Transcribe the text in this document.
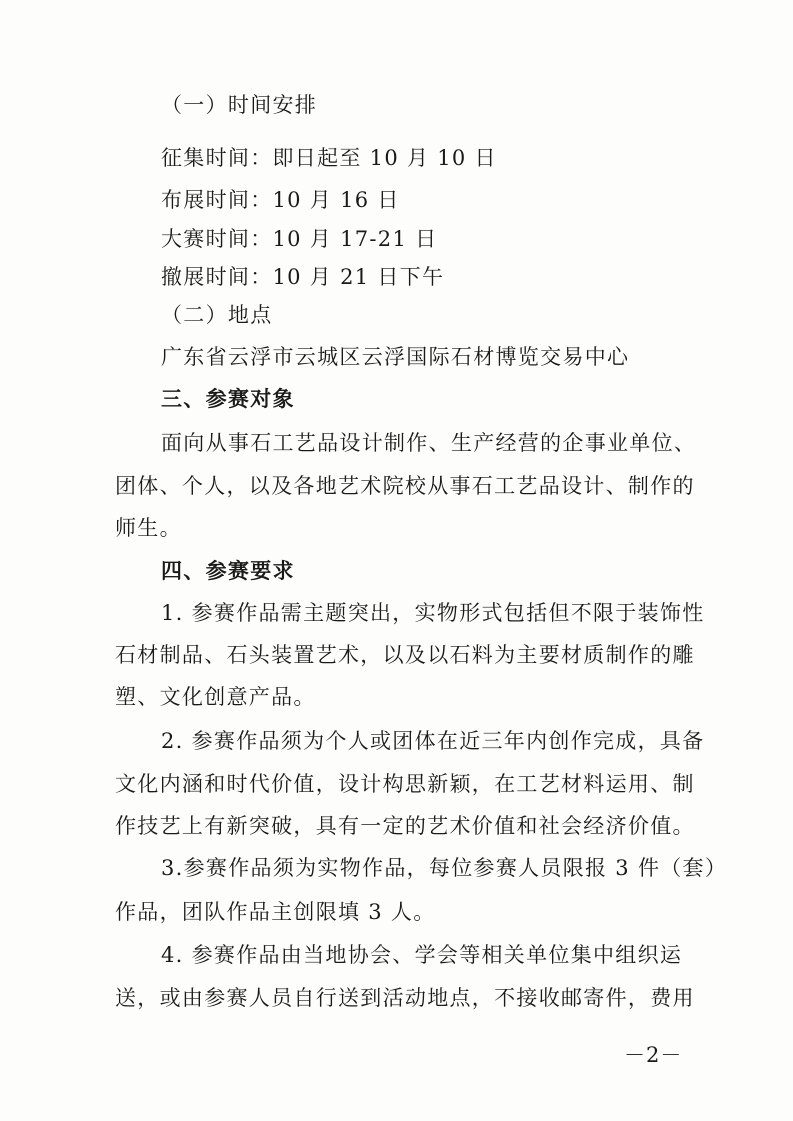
（一）时间安排
征集时间：即日起至 10 月 10 日
布展时间：10 月 16 日
大赛时间：10 月 17-21 日
撤展时间：10 月 21 日下午
（二）地点
广东省云浮市云城区云浮国际石材博览交易中心
三、参赛对象
面向从事石工艺品设计制作、生产经营的企事业单位、
团体、个人，以及各地艺术院校从事石工艺品设计、制作的
师生。
四、参赛要求
1. 参赛作品需主题突出，实物形式包括但不限于装饰性
石材制品、石头装置艺术，以及以石料为主要材质制作的雕
塑、文化创意产品。
2. 参赛作品须为个人或团体在近三年内创作完成，具备
文化内涵和时代价值，设计构思新颖，在工艺材料运用、制
作技艺上有新突破，具有一定的艺术价值和社会经济价值。
3.参赛作品须为实物作品，每位参赛人员限报 3 件（套）
作品，团队作品主创限填 3 人。
4. 参赛作品由当地协会、学会等相关单位集中组织运
送，或由参赛人员自行送到活动地点，不接收邮寄件，费用
－2－
